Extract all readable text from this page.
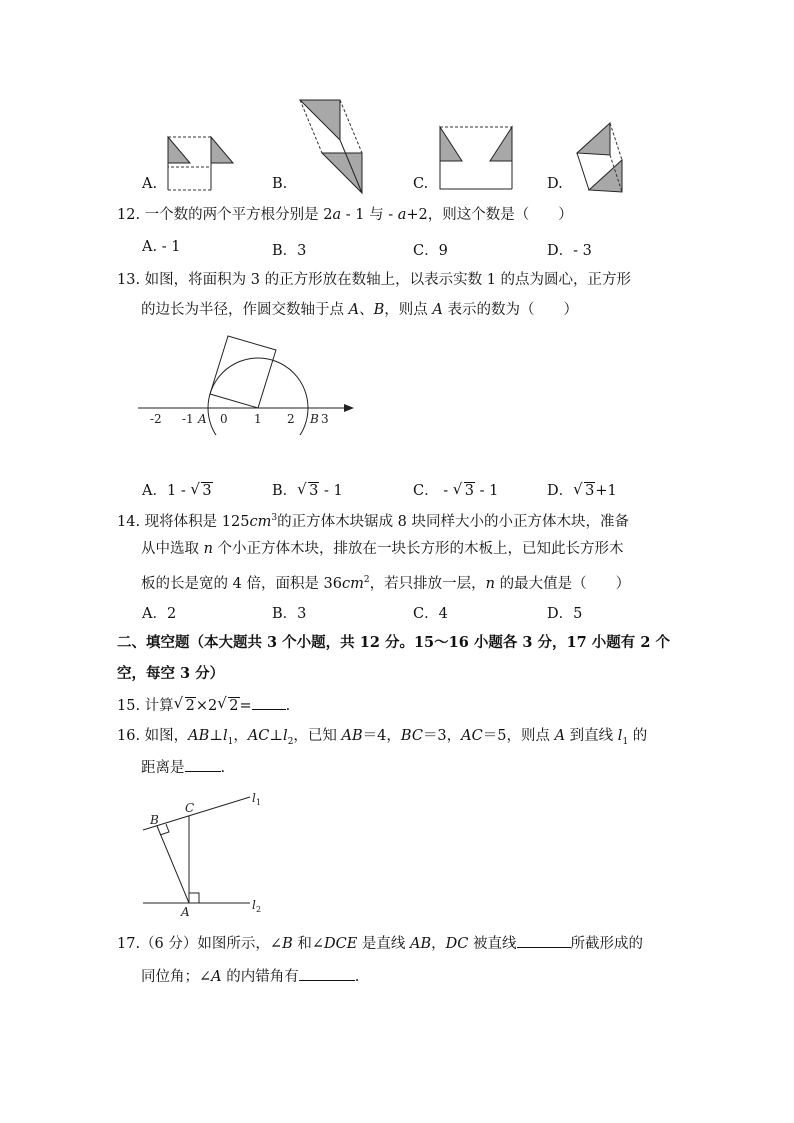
A.	B.	C.	D.
12. 一个数的两个平方根分别是 2a - 1 与 - a+2，则这个数是（　　）
A. - 1	B．3	C．9	D．- 3
13. 如图，将面积为 3 的正方形放在数轴上，以表示实数 1 的点为圆心，正方形
的边长为半径，作圆交数轴于点 A、B，则点 A 表示的数为（　　）
-2 -1 A 0 1 2 B 3
A．1 - √ 3	B． √ 3 - 1	C． - √ 3 - 1	D． √ 3+1
14. 现将体积是 $125cm^3$的正方体木块锯成 8 块同样大小的小正方体木块，准备
从中选取 n 个小正方体木块，排放在一块长方形的木板上，已知此长方形木
板的长是宽的 4 倍，面积是 $36cm^2$，若只排放一层，n 的最大值是（　　）
A．2	B．3	C．4	D．5
二、填空题（本大题共 3 个小题，共 12 分。15～16 小题各 3 分，17 小题有 2 个
空，每空 3 分）
15. 计算 √ 2×2 √ 2= .
16. 如图，$AB\perp l_1$，$AC\perp l_2$，已知 AB＝4，BC＝3，AC＝5，则点 A 到直线 $l_1$ 的
距离是 .
B
C
A
l
l
1
2
17.（6 分）如图所示，∠B 和∠DCE 是直线 AB，DC 被直线	所截形成的
同位角；∠A 的内错角有	.
